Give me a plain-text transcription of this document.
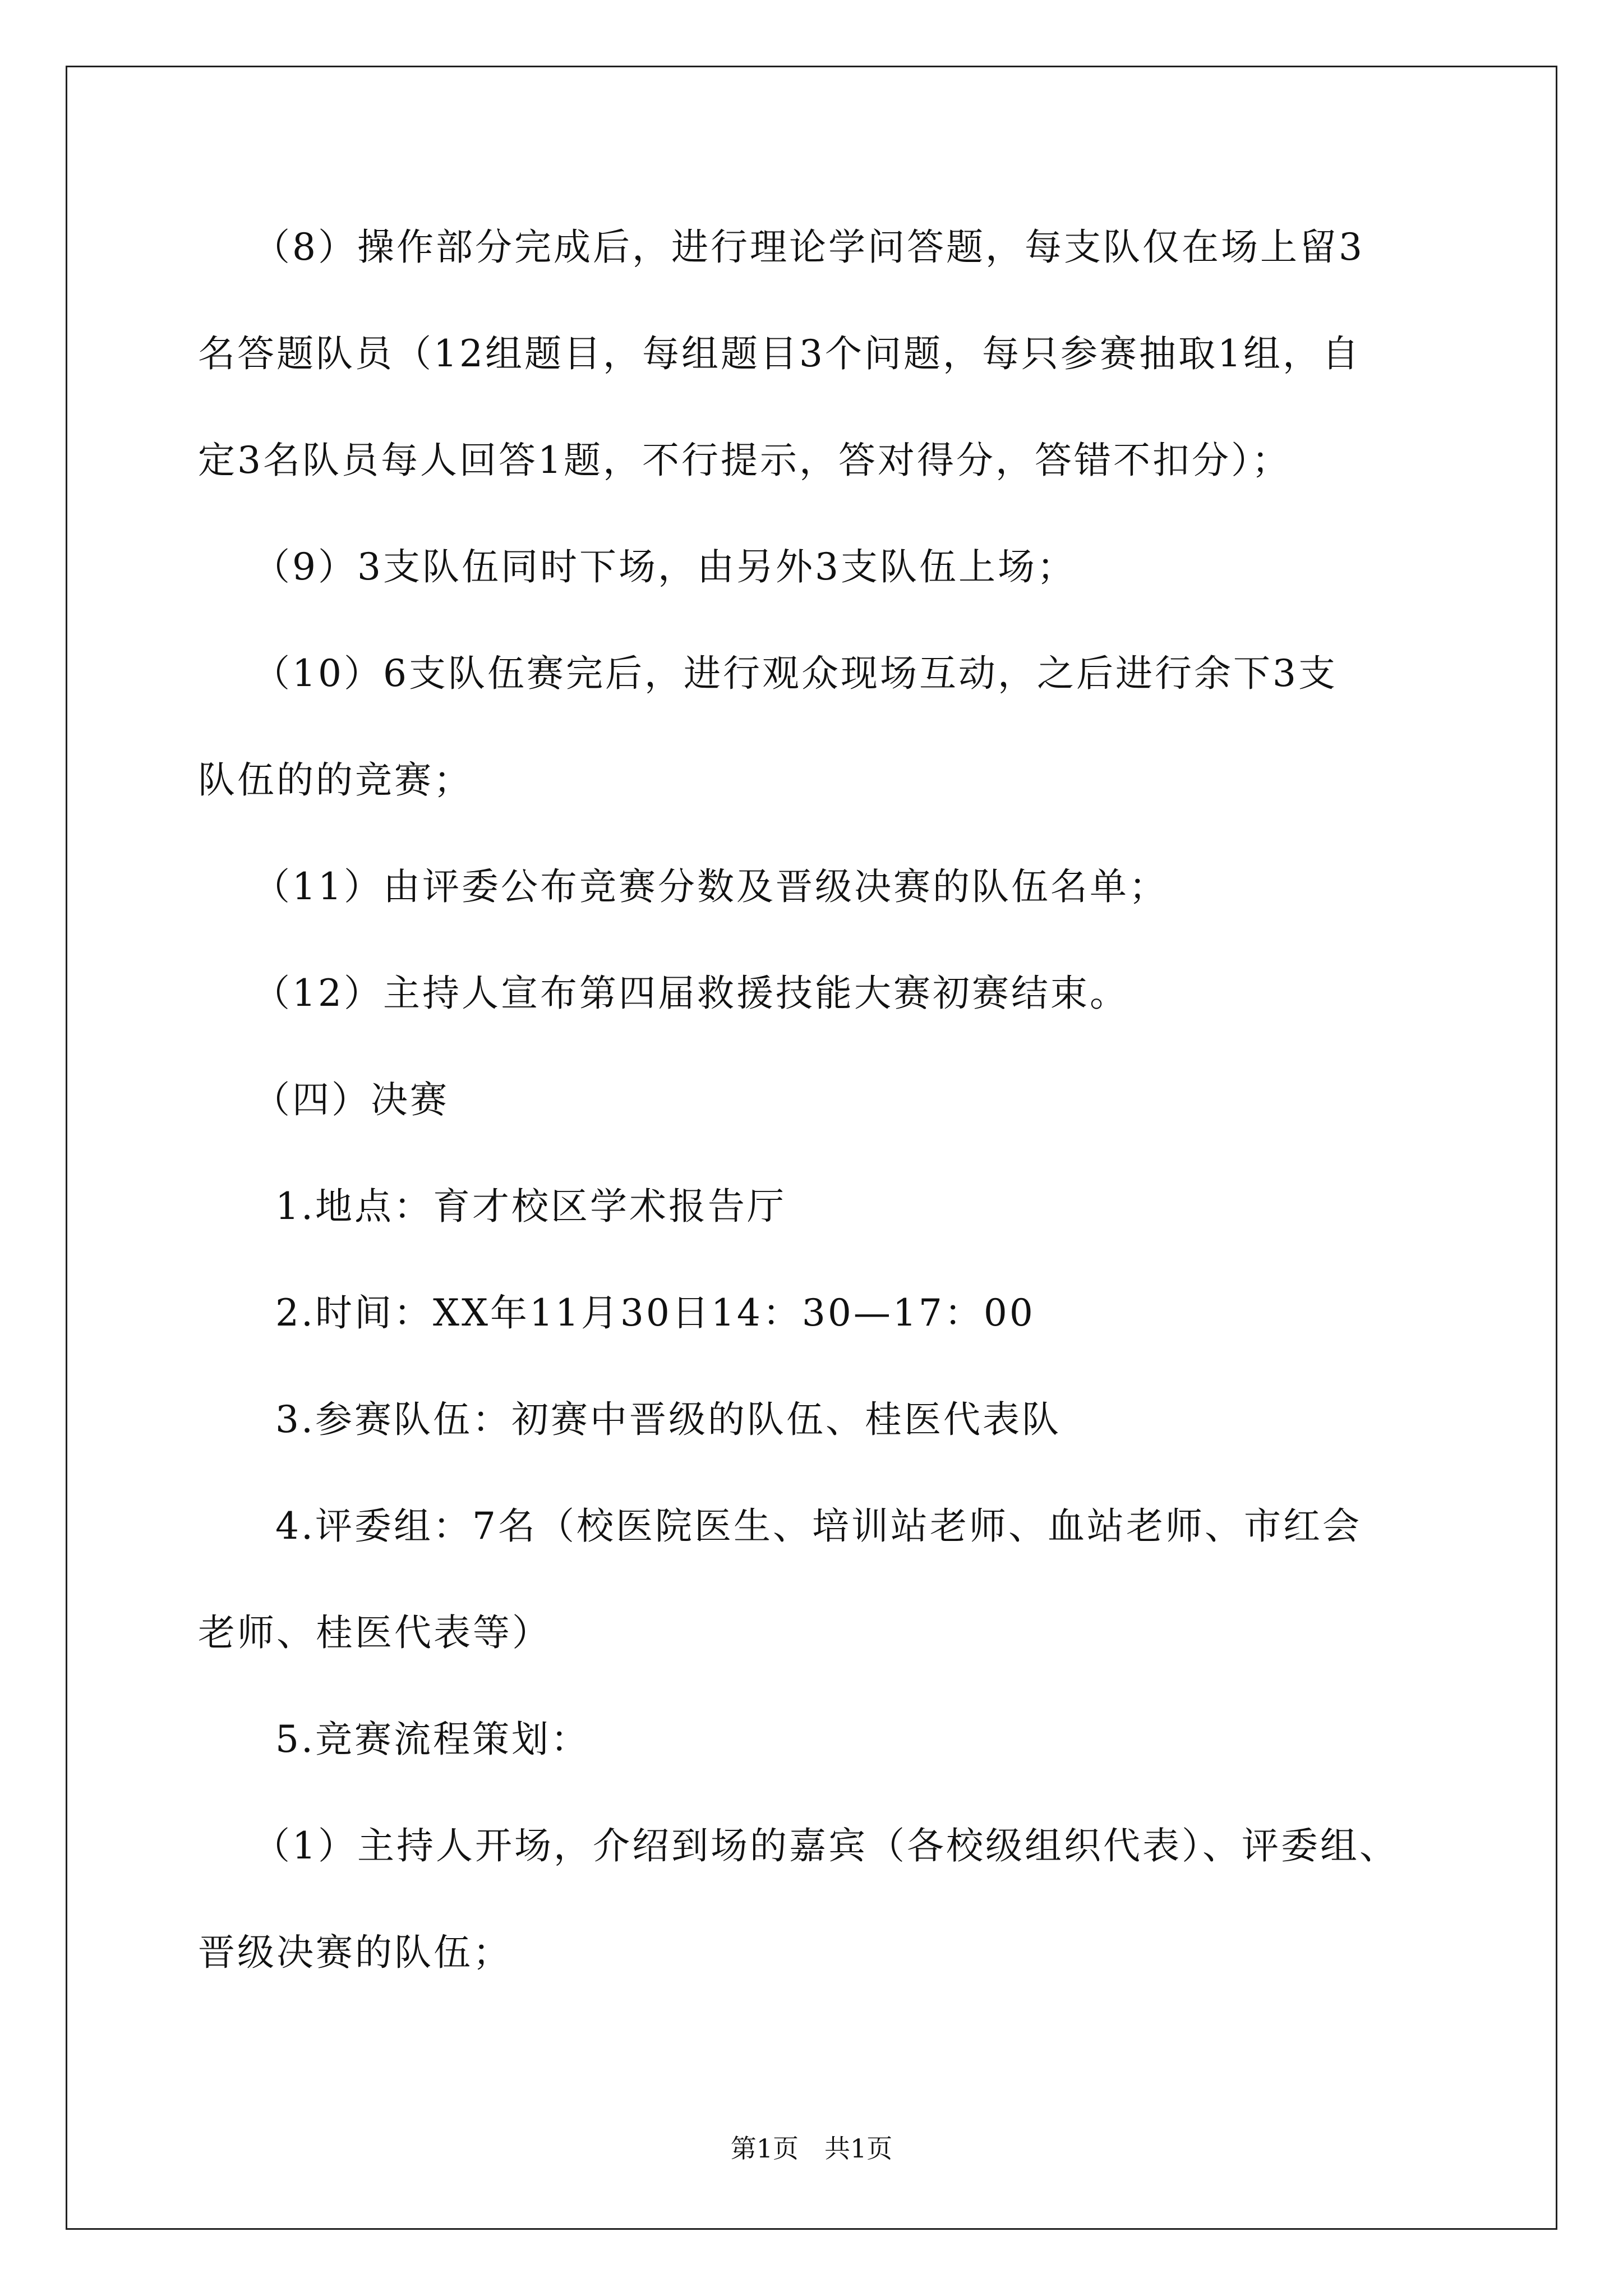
（8）操作部分完成后，进行理论学问答题，每支队仅在场上留3

名答题队员（12组题目，每组题目3个问题，每只参赛抽取1组，自

定3名队员每人回答1题，不行提示，答对得分，答错不扣分）；

（9）3支队伍同时下场，由另外3支队伍上场；

（10）6支队伍赛完后，进行观众现场互动，之后进行余下3支

队伍的的竞赛；

（11）由评委公布竞赛分数及晋级决赛的队伍名单；

（12）主持人宣布第四届救援技能大赛初赛结束。

（四）决赛

1.地点：育才校区学术报告厅

2.时间：XX年11月30日14：30—17：00

3.参赛队伍：初赛中晋级的队伍、桂医代表队

4.评委组：7名（校医院医生、培训站老师、血站老师、市红会

老师、桂医代表等）

5.竞赛流程策划：

（1）主持人开场，介绍到场的嘉宾（各校级组织代表）、评委组、

晋级决赛的队伍；

第1页 共1页
